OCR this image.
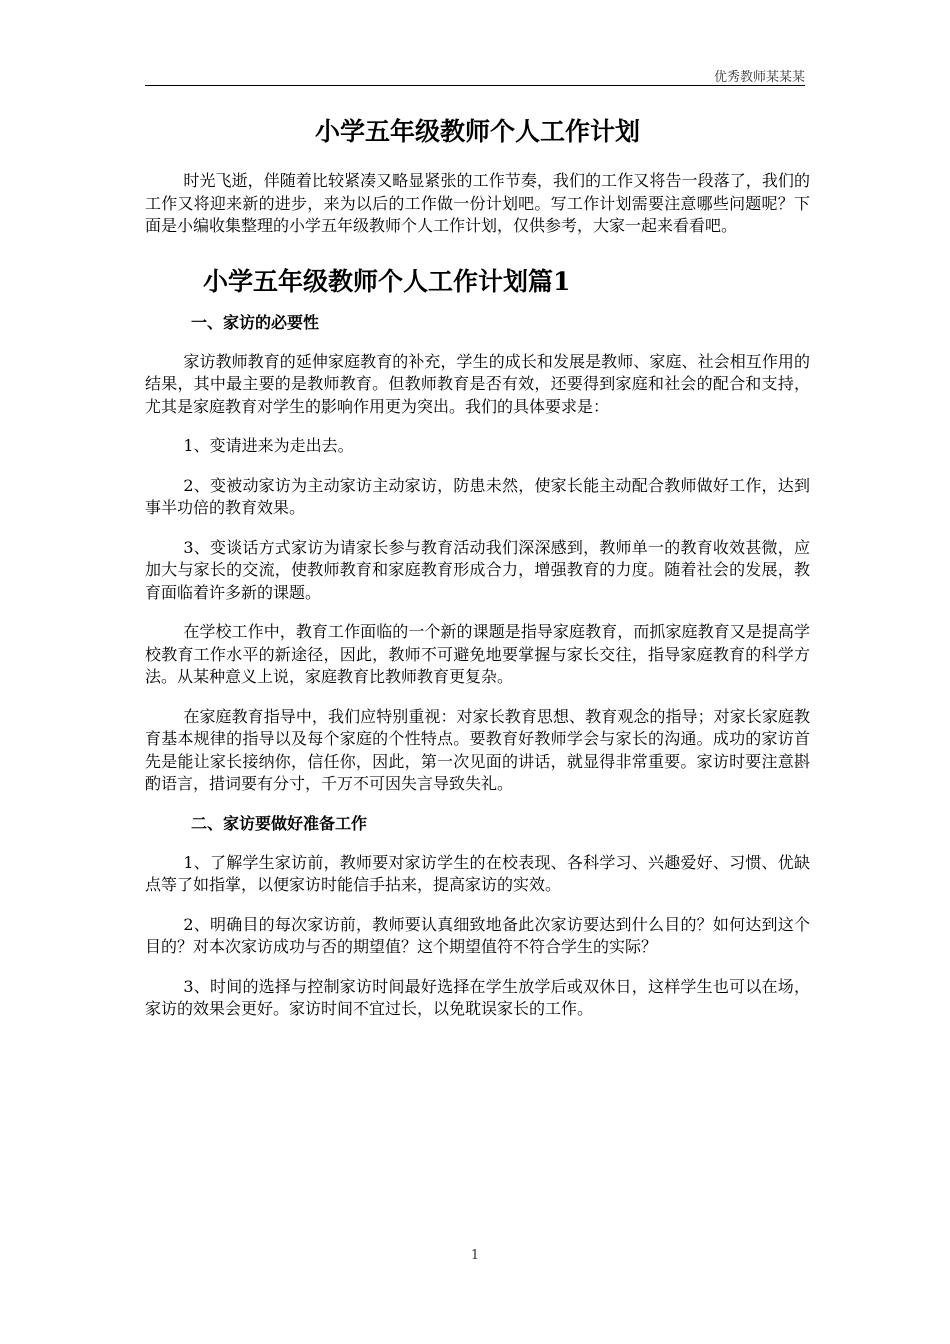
优秀教师某某某
小学五年级教师个人工作计划

时光飞逝，伴随着比较紧凑又略显紧张的工作节奏，我们的工作又将告一段落了，我们的工作又将迎来新的进步，来为以后的工作做一份计划吧。写工作计划需要注意哪些问题呢？下面是小编收集整理的小学五年级教师个人工作计划，仅供参考，大家一起来看看吧。

小学五年级教师个人工作计划篇1
一、家访的必要性

家访教师教育的延伸家庭教育的补充，学生的成长和发展是教师、家庭、社会相互作用的结果，其中最主要的是教师教育。但教师教育是否有效，还要得到家庭和社会的配合和支持，尤其是家庭教育对学生的影响作用更为突出。我们的具体要求是：

1、变请进来为走出去。

2、变被动家访为主动家访主动家访，防患未然，使家长能主动配合教师做好工作，达到事半功倍的教育效果。

3、变谈话方式家访为请家长参与教育活动我们深深感到，教师单一的教育收效甚微，应加大与家长的交流，使教师教育和家庭教育形成合力，增强教育的力度。随着社会的发展，教育面临着许多新的课题。

在学校工作中，教育工作面临的一个新的课题是指导家庭教育，而抓家庭教育又是提高学校教育工作水平的新途径，因此，教师不可避免地要掌握与家长交往，指导家庭教育的科学方法。从某种意义上说，家庭教育比教师教育更复杂。

在家庭教育指导中，我们应特别重视：对家长教育思想、教育观念的指导；对家长家庭教育基本规律的指导以及每个家庭的个性特点。要教育好教师学会与家长的沟通。成功的家访首先是能让家长接纳你，信任你，因此，第一次见面的讲话，就显得非常重要。家访时要注意斟酌语言，措词要有分寸，千万不可因失言导致失礼。

二、家访要做好准备工作

1、了解学生家访前，教师要对家访学生的在校表现、各科学习、兴趣爱好、习惯、优缺点等了如指掌，以便家访时能信手拈来，提高家访的实效。

2、明确目的每次家访前，教师要认真细致地备此次家访要达到什么目的？如何达到这个目的？对本次家访成功与否的期望值？这个期望值符不符合学生的实际？

3、时间的选择与控制家访时间最好选择在学生放学后或双休日，这样学生也可以在场，家访的效果会更好。家访时间不宜过长，以免耽误家长的工作。

1
